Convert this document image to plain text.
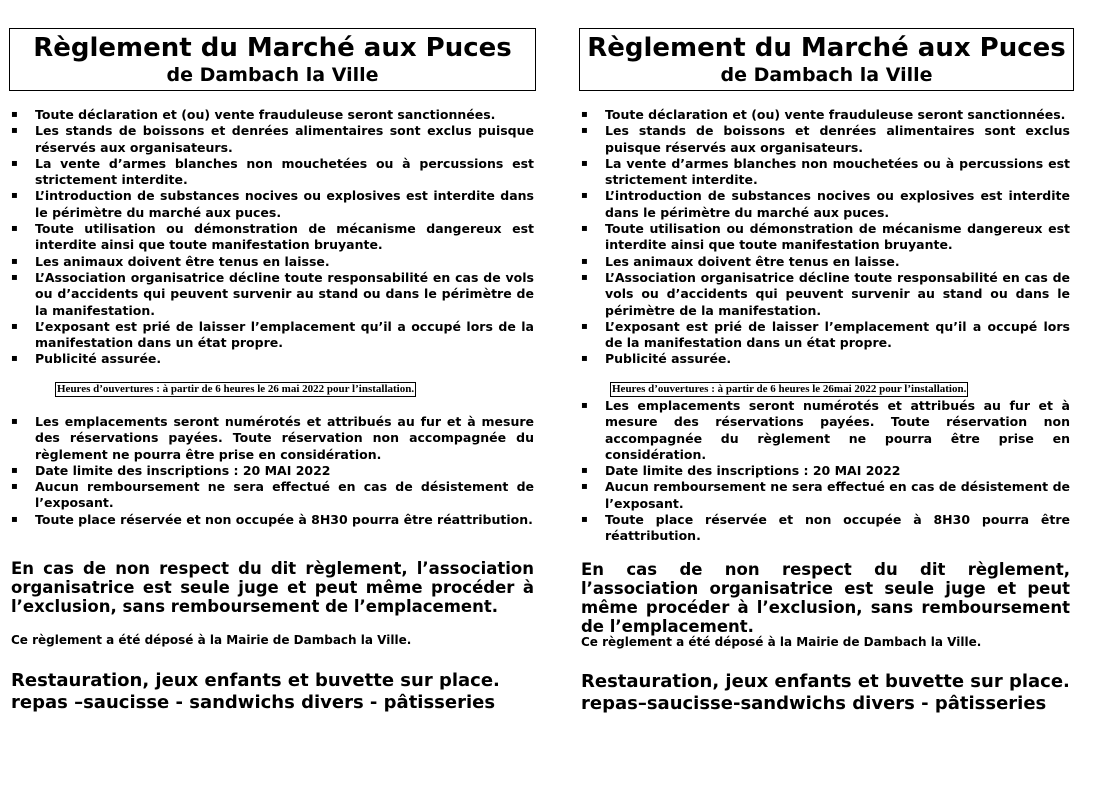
Règlement du Marché aux Puces
de Dambach la Ville
▪ Toute déclaration et (ou) vente frauduleuse seront sanctionnées.
▪ Les stands de boissons et denrées alimentaires sont exclus puisque réservés aux organisateurs.
▪ La vente d’armes blanches non mouchetées ou à percussions est strictement interdite.
▪ L’introduction de substances nocives ou explosives est interdite dans le périmètre du marché aux puces.
▪ Toute utilisation ou démonstration de mécanisme dangereux est interdite ainsi que toute manifestation bruyante.
▪ Les animaux doivent être tenus en laisse.
▪ L’Association organisatrice décline toute responsabilité en cas de vols ou d’accidents qui peuvent survenir au stand ou dans le périmètre de la manifestation.
▪ L’exposant est prié de laisser l’emplacement qu’il a occupé lors de la manifestation dans un état propre.
▪ Publicité assurée.
Heures d’ouvertures : à partir de 6 heures le 26 mai 2022 pour l’installation.
▪ Les emplacements seront numérotés et attribués au fur et à mesure des réservations payées. Toute réservation non accompagnée du règlement ne pourra être prise en considération.
▪ Date limite des inscriptions : 20 MAI 2022
▪ Aucun remboursement ne sera effectué en cas de désistement de l’exposant.
▪ Toute place réservée et non occupée à 8H30 pourra être réattribution.
En cas de non respect du dit règlement, l’association organisatrice est seule juge et peut même procéder à l’exclusion, sans remboursement de l’emplacement.
Ce règlement a été déposé à la Mairie de Dambach la Ville.
Restauration, jeux enfants et buvette sur place.
repas –saucisse - sandwichs divers - pâtisseries
Règlement du Marché aux Puces
de Dambach la Ville
▪ Toute déclaration et (ou) vente frauduleuse seront sanctionnées.
▪ Les stands de boissons et denrées alimentaires sont exclus puisque réservés aux organisateurs.
▪ La vente d’armes blanches non mouchetées ou à percussions est strictement interdite.
▪ L’introduction de substances nocives ou explosives est interdite dans le périmètre du marché aux puces.
▪ Toute utilisation ou démonstration de mécanisme dangereux est interdite ainsi que toute manifestation bruyante.
▪ Les animaux doivent être tenus en laisse.
▪ L’Association organisatrice décline toute responsabilité en cas de vols ou d’accidents qui peuvent survenir au stand ou dans le périmètre de la manifestation.
▪ L’exposant est prié de laisser l’emplacement qu’il a occupé lors de la manifestation dans un état propre.
▪ Publicité assurée.
Heures d’ouvertures : à partir de 6 heures le 26mai 2022 pour l’installation.
▪ Les emplacements seront numérotés et attribués au fur et à mesure des réservations payées. Toute réservation non accompagnée du règlement ne pourra être prise en considération.
▪ Date limite des inscriptions : 20 MAI 2022
▪ Aucun remboursement ne sera effectué en cas de désistement de l’exposant.
▪ Toute place réservée et non occupée à 8H30 pourra être réattribution.
En cas de non respect du dit règlement, l’association organisatrice est seule juge et peut même procéder à l’exclusion, sans remboursement de l’emplacement.
Ce règlement a été déposé à la Mairie de Dambach la Ville.
Restauration, jeux enfants et buvette sur place.
repas–saucisse-sandwichs divers - pâtisseries
